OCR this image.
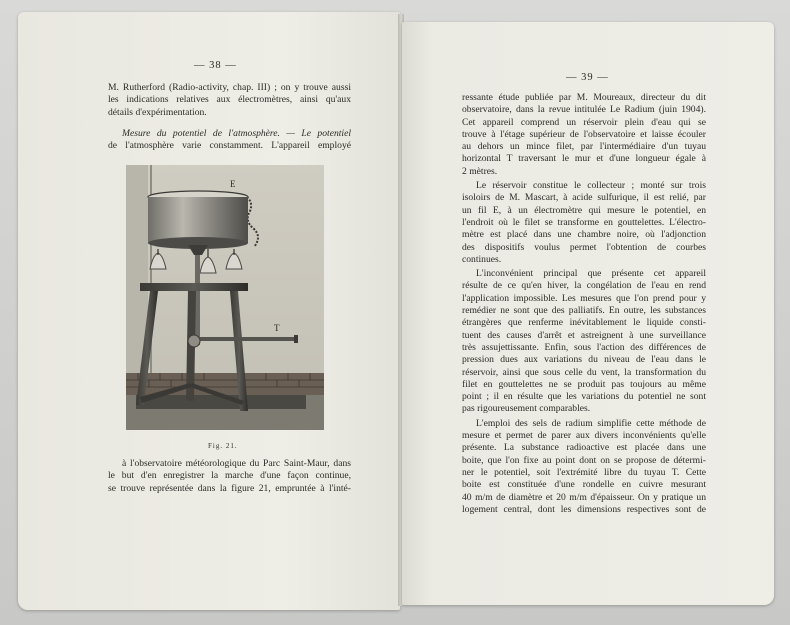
— 38 —
M. Rutherford (Radio-activity, chap. III) ; on y trouve aussi
les indications relatives aux électromètres, ainsi qu'aux
détails d'expérimentation.
Mesure du potentiel de l'atmosphère. — Le potentiel
de l'atmosphère varie constamment. L'appareil employé
E
T
Fig. 21.
à l'observatoire météorologique du Parc Saint-Maur, dans
le but d'en enregistrer la marche d'une façon continue,
se trouve représentée dans la figure 21, empruntée à l'inté-
— 39 —
ressante étude publiée par M. Moureaux, directeur du dit
observatoire, dans la revue intitulée Le Radium (juin 1904).
Cet appareil comprend un réservoir plein d'eau qui se
trouve à l'étage supérieur de l'observatoire et laisse écouler
au dehors un mince filet, par l'intermédiaire d'un tuyau
horizontal T traversant le mur et d'une longueur égale à
2 mètres.
Le réservoir constitue le collecteur ; monté sur trois
isoloirs de M. Mascart, à acide sulfurique, il est relié, par
un fil E, à un électromètre qui mesure le potentiel, en
l'endroit où le filet se transforme en gouttelettes. L'électro-
mètre est placé dans une chambre noire, où l'adjonction
des dispositifs voulus permet l'obtention de courbes
continues.
L'inconvénient principal que présente cet appareil
résulte de ce qu'en hiver, la congélation de l'eau en rend
l'application impossible. Les mesures que l'on prend pour y
remédier ne sont que des palliatifs. En outre, les substances
étrangères que renferme inévitablement le liquide consti-
tuent des causes d'arrêt et astreignent à une surveillance
très assujettissante. Enfin, sous l'action des différences de
pression dues aux variations du niveau de l'eau dans le
réservoir, ainsi que sous celle du vent, la transformation du
filet en gouttelettes ne se produit pas toujours au même
point ; il en résulte que les variations du potentiel ne sont
pas rigoureusement comparables.
L'emploi des sels de radium simplifie cette méthode de
mesure et permet de parer aux divers inconvénients qu'elle
présente. La substance radioactive est placée dans une
boite, que l'on fixe au point dont on se propose de détermi-
ner le potentiel, soit l'extrémité libre du tuyau T. Cette
boite est constituée d'une rondelle en cuivre mesurant
40 m/m de diamètre et 20 m/m d'épaisseur. On y pratique un
logement central, dont les dimensions respectives sont de
